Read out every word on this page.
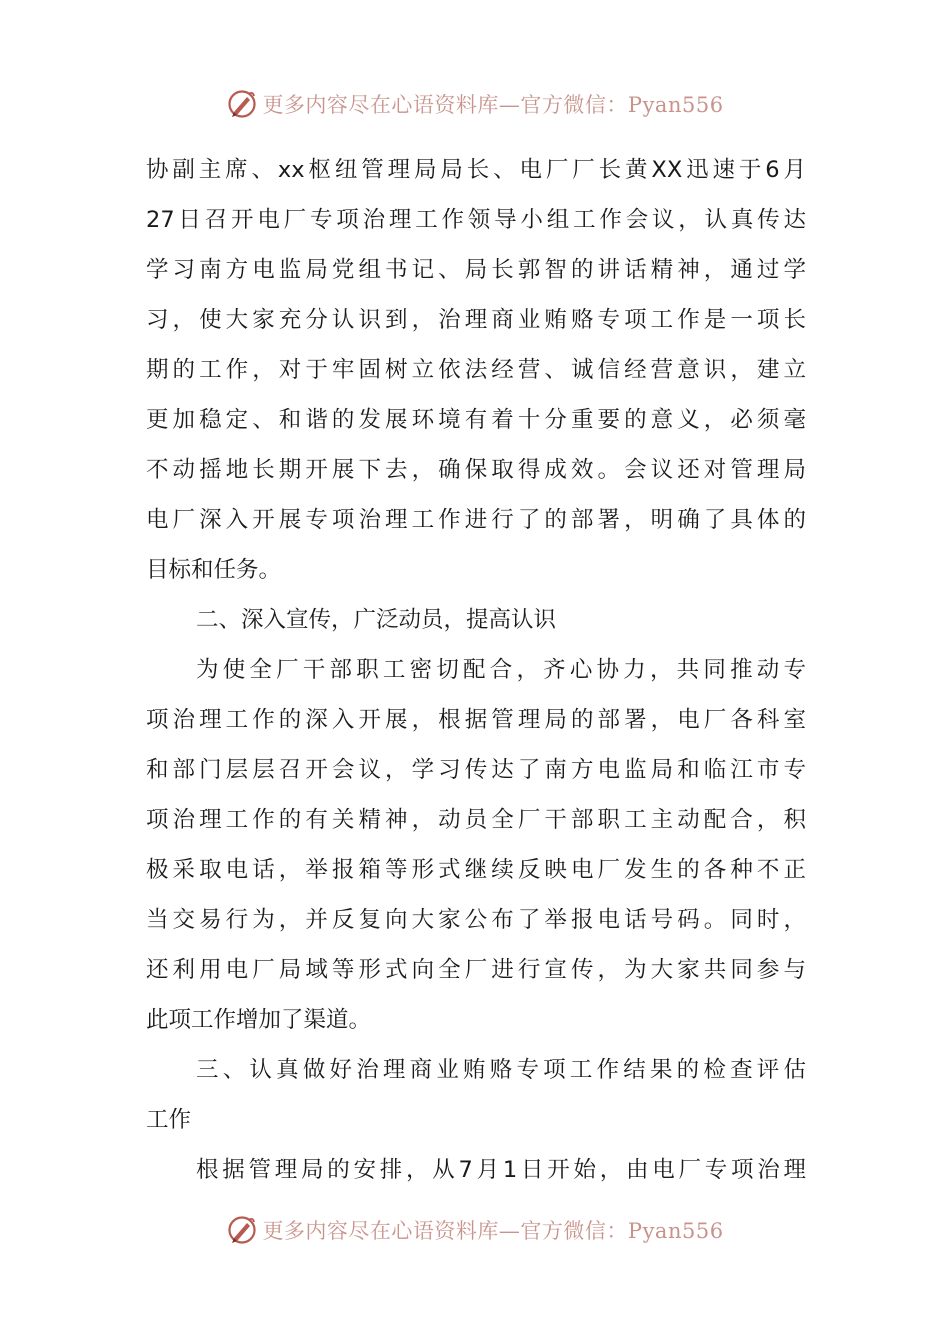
更多内容尽在心语资料库—官方微信：Pyan556
协副主席、xx枢纽管理局局长、电厂厂长黄XX迅速于6月
27日召开电厂专项治理工作领导小组工作会议，认真传达
学习南方电监局党组书记、局长郭智的讲话精神，通过学
习，使大家充分认识到，治理商业贿赂专项工作是一项长
期的工作，对于牢固树立依法经营、诚信经营意识，建立
更加稳定、和谐的发展环境有着十分重要的意义，必须毫
不动摇地长期开展下去，确保取得成效。会议还对管理局
电厂深入开展专项治理工作进行了的部署，明确了具体的
目标和任务。
二、深入宣传，广泛动员，提高认识
为使全厂干部职工密切配合，齐心协力，共同推动专
项治理工作的深入开展，根据管理局的部署，电厂各科室
和部门层层召开会议，学习传达了南方电监局和临江市专
项治理工作的有关精神，动员全厂干部职工主动配合，积
极采取电话，举报箱等形式继续反映电厂发生的各种不正
当交易行为，并反复向大家公布了举报电话号码。同时，
还利用电厂局域等形式向全厂进行宣传，为大家共同参与
此项工作增加了渠道。
三、认真做好治理商业贿赂专项工作结果的检查评估
工作
根据管理局的安排，从7月1日开始，由电厂专项治理
更多内容尽在心语资料库—官方微信：Pyan556
